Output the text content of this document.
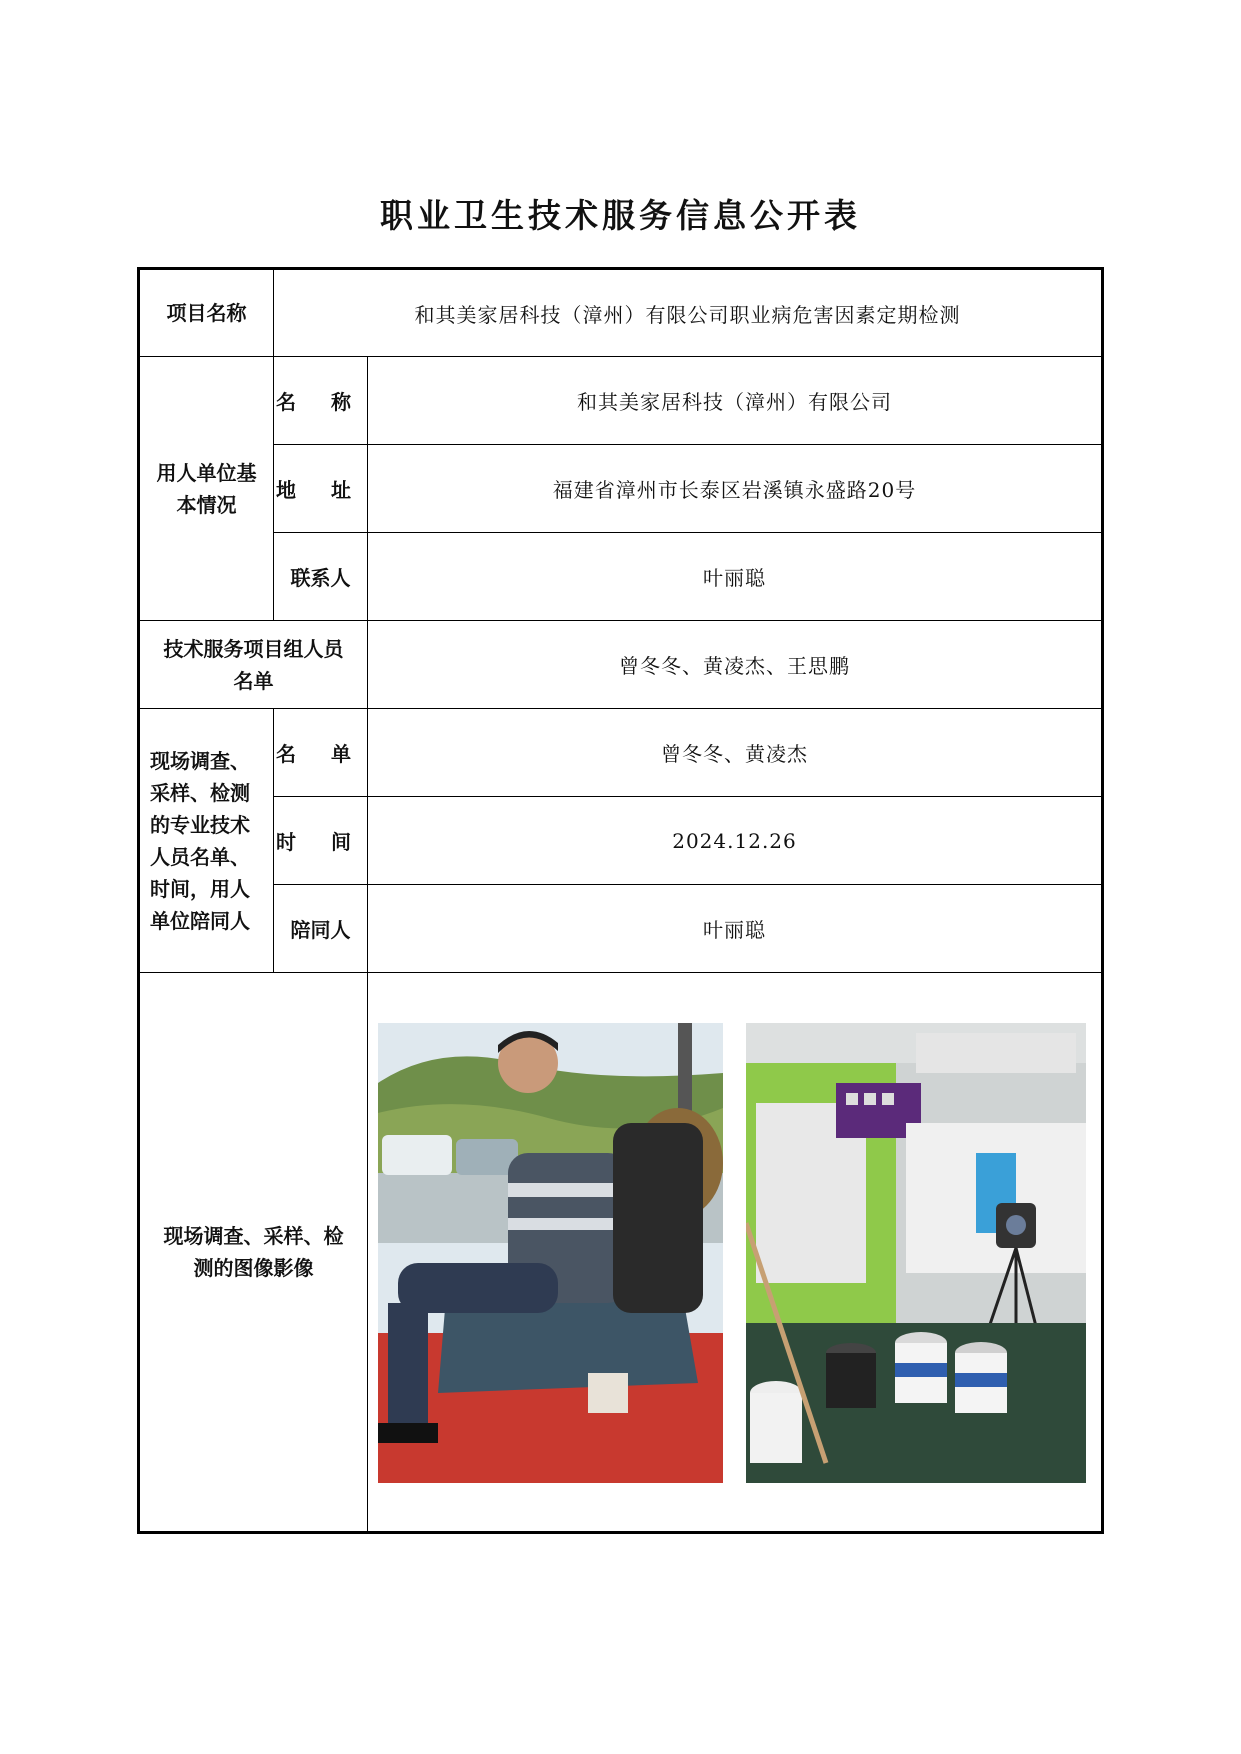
职业卫生技术服务信息公开表
项目名称	和其美家居科技（漳州）有限公司职业病危害因素定期检测	
用人单位基本情况	名 称	和其美家居科技（漳州）有限公司
	地 址	福建省漳州市长泰区岩溪镇永盛路20号
	联系人	叶丽聪
技术服务项目组人员名单		曾冬冬、黄凌杰、王思鹏
现场调查、采样、检测的专业技术人员名单、时间，用人单位陪同人	名 单	曾冬冬、黄凌杰
	时 间	2024.12.26
	陪同人	叶丽聪
现场调查、采样、检测的图像影像	
